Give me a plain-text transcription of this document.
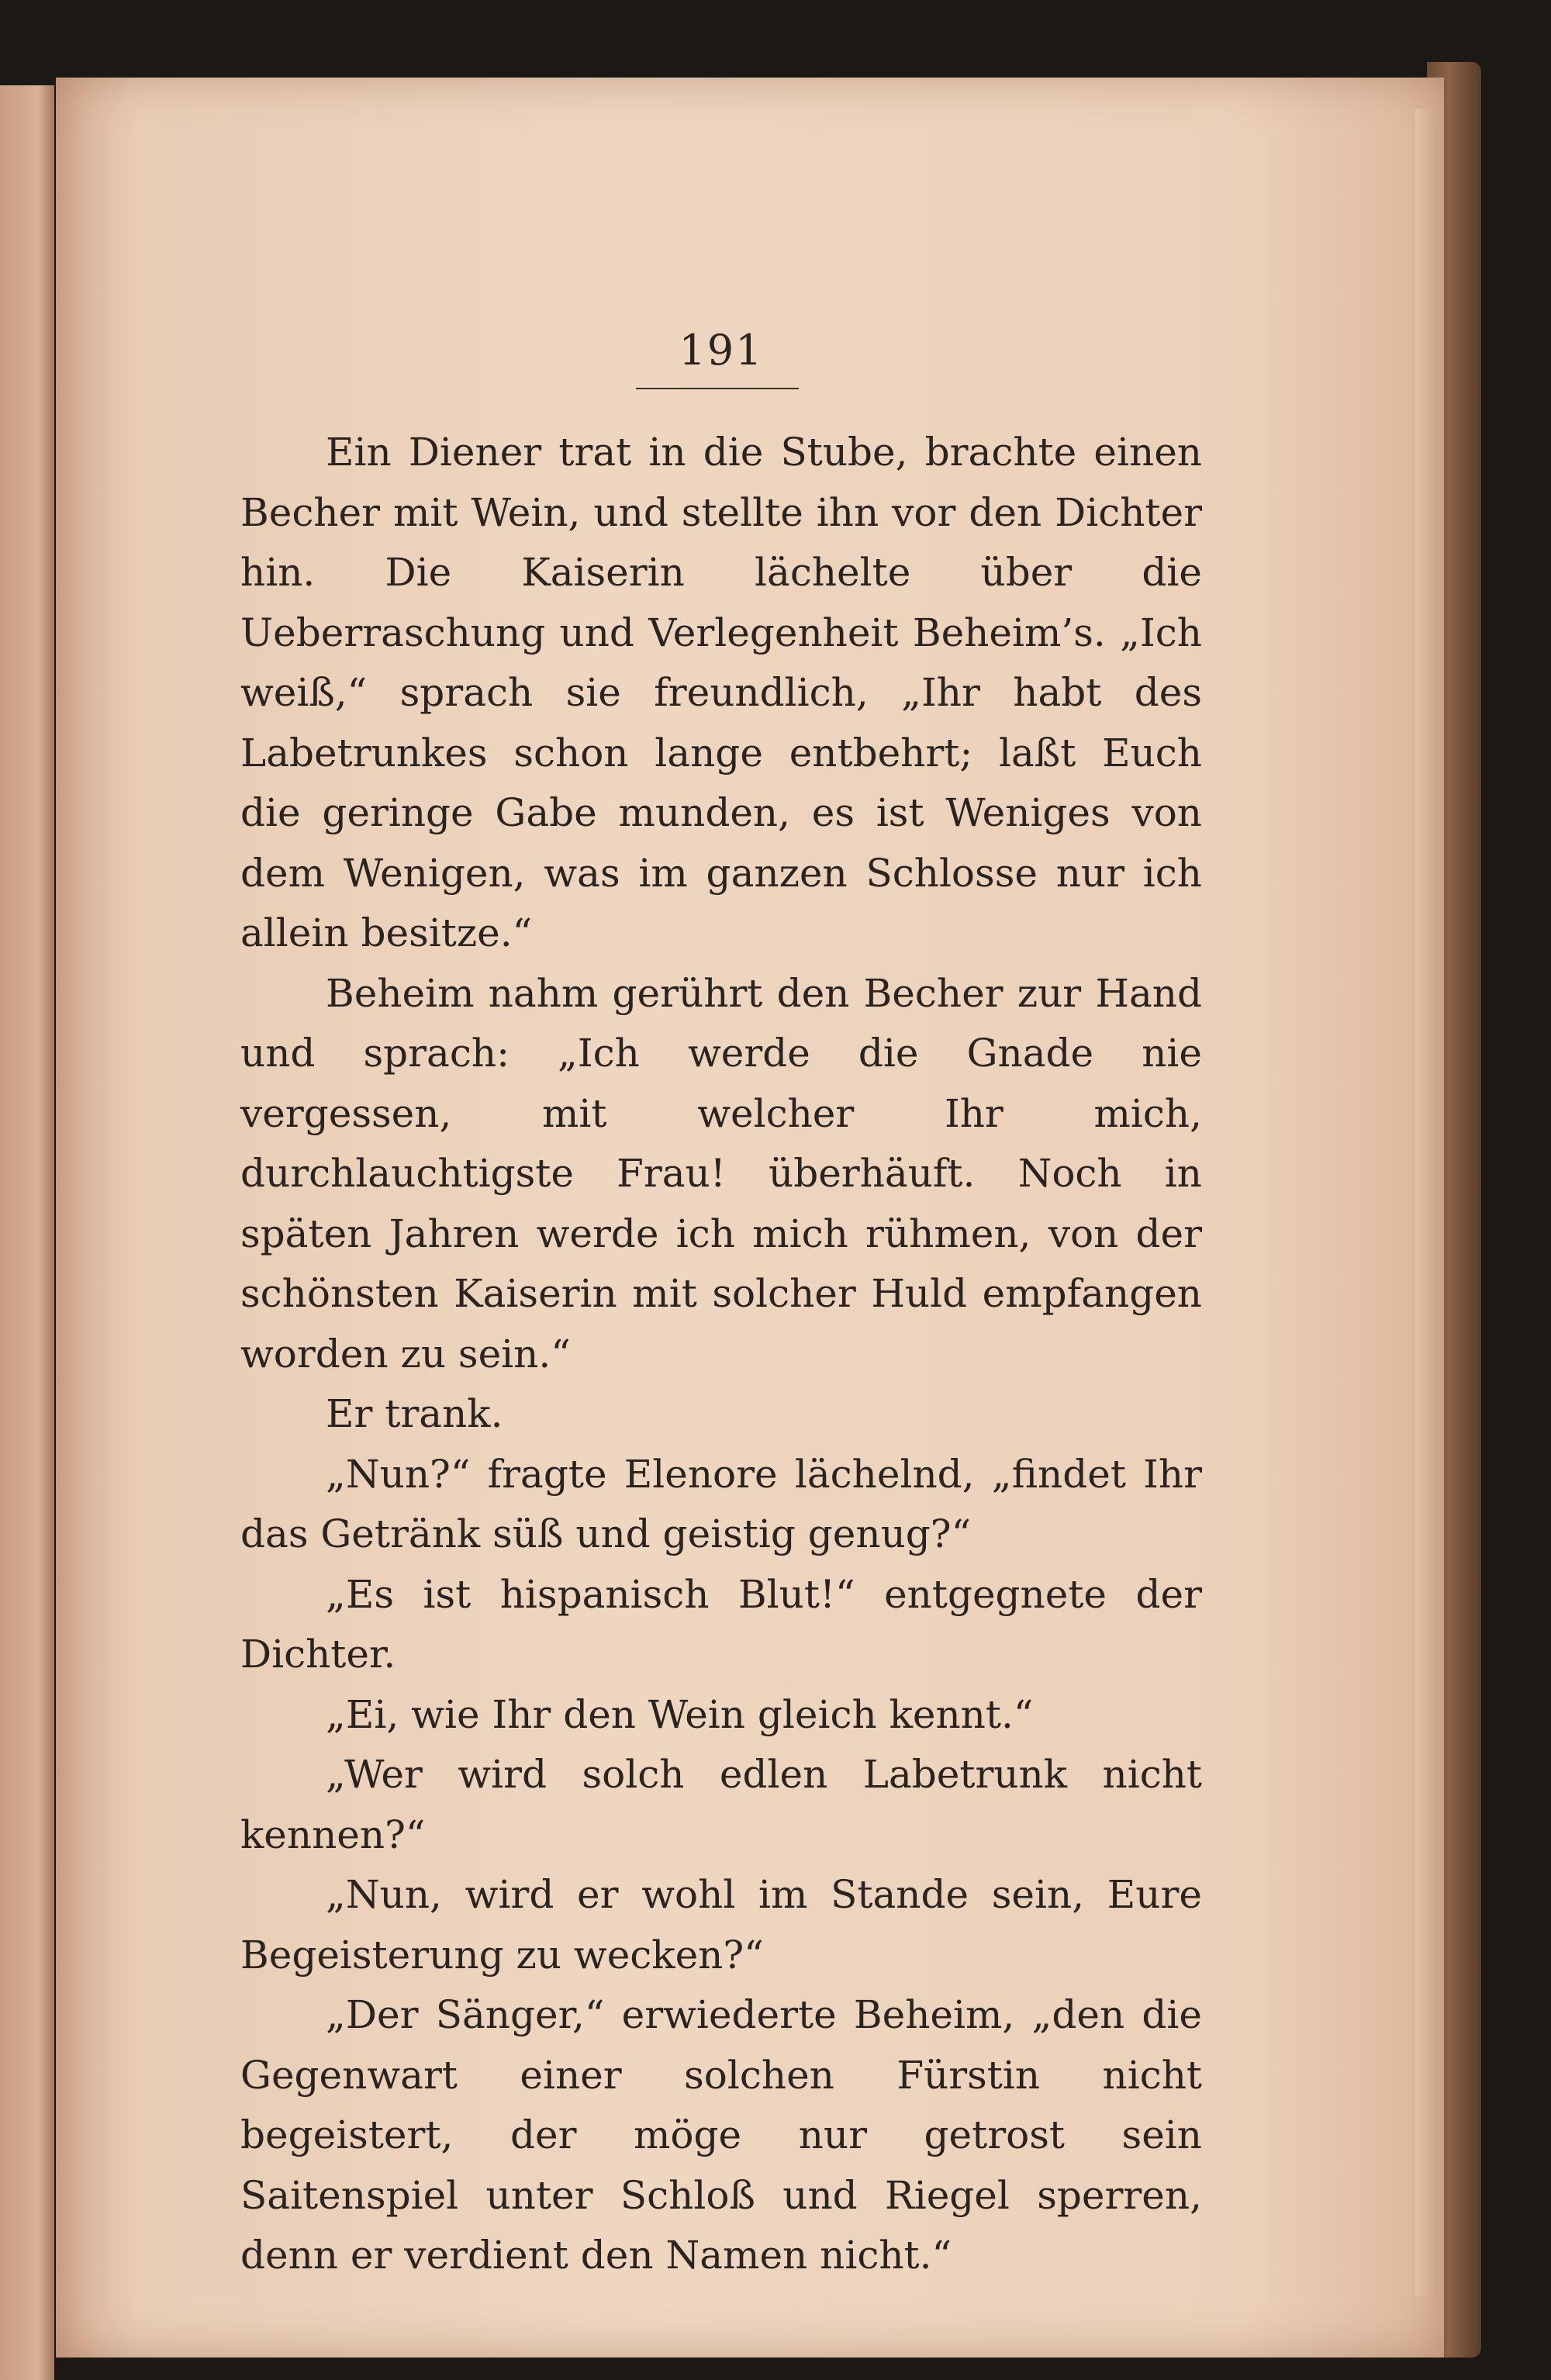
191

Ein Diener trat in die Stube, brachte einen Becher mit Wein, und stellte ihn vor den Dichter hin. Die Kaiserin lächelte über die Ueberraschung und Verlegenheit Beheim’s. „Ich weiß,“ sprach sie freundlich, „Ihr habt des Labetrunkes schon lange entbehrt; laßt Euch die geringe Gabe munden, es ist Weniges von dem Wenigen, was im ganzen Schlosse nur ich allein besitze.“

Beheim nahm gerührt den Becher zur Hand und sprach: „Ich werde die Gnade nie vergessen, mit welcher Ihr mich, durchlauchtigste Frau! überhäuft. Noch in späten Jahren werde ich mich rühmen, von der schönsten Kaiserin mit solcher Huld empfangen worden zu sein.“

Er trank.

„Nun?“ fragte Elenore lächelnd, „findet Ihr das Getränk süß und geistig genug?“

„Es ist hispanisch Blut!“ entgegnete der Dichter.

„Ei, wie Ihr den Wein gleich kennt.“

„Wer wird solch edlen Labetrunk nicht kennen?“

„Nun, wird er wohl im Stande sein, Eure Begeisterung zu wecken?“

„Der Sänger,“ erwiederte Beheim, „den die Gegenwart einer solchen Fürstin nicht begeistert, der möge nur getrost sein Saitenspiel unter Schloß und Riegel sperren, denn er verdient den Namen nicht.“
